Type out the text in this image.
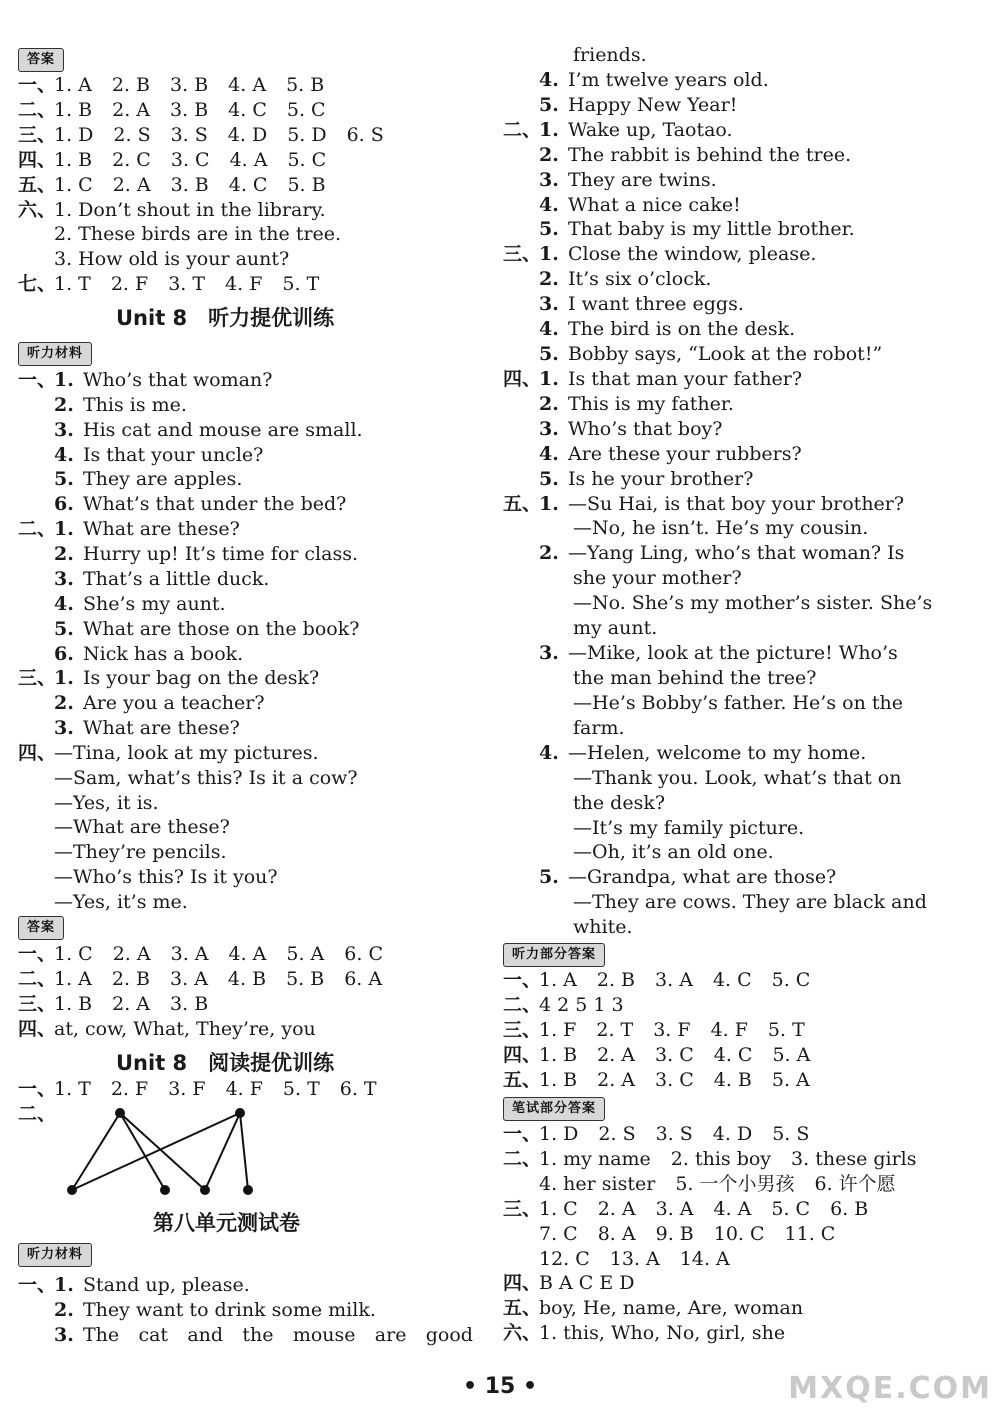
答案
一、1. A 2. B 3. B 4. A 5. B
二、1. B 2. A 3. B 4. C 5. C
三、1. D 2. S 3. S 4. D 5. D 6. S
四、1. B 2. C 3. C 4. A 5. C
五、1. C 2. A 3. B 4. C 5. B
六、1. Don’t shout in the library.
2. These birds are in the tree.
3. How old is your aunt?
七、1. T 2. F 3. T 4. F 5. T
Unit 8　听力提优训练
听力材料
一、1. Who’s that woman?
2. This is me.
3. His cat and mouse are small.
4. Is that your uncle?
5. They are apples.
6. What’s that under the bed?
二、1. What are these?
2. Hurry up! It’s time for class.
3. That’s a little duck.
4. She’s my aunt.
5. What are those on the book?
6. Nick has a book.
三、1. Is your bag on the desk?
2. Are you a teacher?
3. What are these?
四、—Tina, look at my pictures.
—Sam, what’s this? Is it a cow?
—Yes, it is.
—What are these?
—They’re pencils.
—Who’s this? Is it you?
—Yes, it’s me.
答案
一、1. C 2. A 3. A 4. A 5. A 6. C
二、1. A 2. B 3. A 4. B 5. B 6. A
三、1. B 2. A 3. B
四、at, cow, What, They’re, you
Unit 8　阅读提优训练
一、1. T 2. F 3. F 4. F 5. T 6. T
二、
第八单元测试卷
听力材料
一、1. Stand up, please.
2. They want to drink some milk.
3. The cat and the mouse are good
friends.
4. I’m twelve years old.
5. Happy New Year!
二、1. Wake up, Taotao.
2. The rabbit is behind the tree.
3. They are twins.
4. What a nice cake!
5. That baby is my little brother.
三、1. Close the window, please.
2. It’s six o’clock.
3. I want three eggs.
4. The bird is on the desk.
5. Bobby says, “Look at the robot!”
四、1. Is that man your father?
2. This is my father.
3. Who’s that boy?
4. Are these your rubbers?
5. Is he your brother?
五、1. —Su Hai, is that boy your brother?
—No, he isn’t. He’s my cousin.
2. —Yang Ling, who’s that woman? Is
she your mother?
—No. She’s my mother’s sister. She’s
my aunt.
3. —Mike, look at the picture! Who’s
the man behind the tree?
—He’s Bobby’s father. He’s on the
farm.
4. —Helen, welcome to my home.
—Thank you. Look, what’s that on
the desk?
—It’s my family picture.
—Oh, it’s an old one.
5. —Grandpa, what are those?
—They are cows. They are black and
white.
听力部分答案
一、1. A 2. B 3. A 4. C 5. C
二、4 2 5 1 3
三、1. F 2. T 3. F 4. F 5. T
四、1. B 2. A 3. C 4. C 5. A
五、1. B 2. A 3. C 4. B 5. A
笔试部分答案
一、1. D 2. S 3. S 4. D 5. S
二、1. my name 2. this boy 3. these girls
4. her sister 5. 一个小男孩 6. 许个愿
三、1. C 2. A 3. A 4. A 5. C 6. B
7. C 8. A 9. B 10. C 11. C
12. C 13. A 14. A
四、B A C E D
五、boy, He, name, Are, woman
六、1. this, Who, No, girl, she
• 15 •	MXQE.COM
